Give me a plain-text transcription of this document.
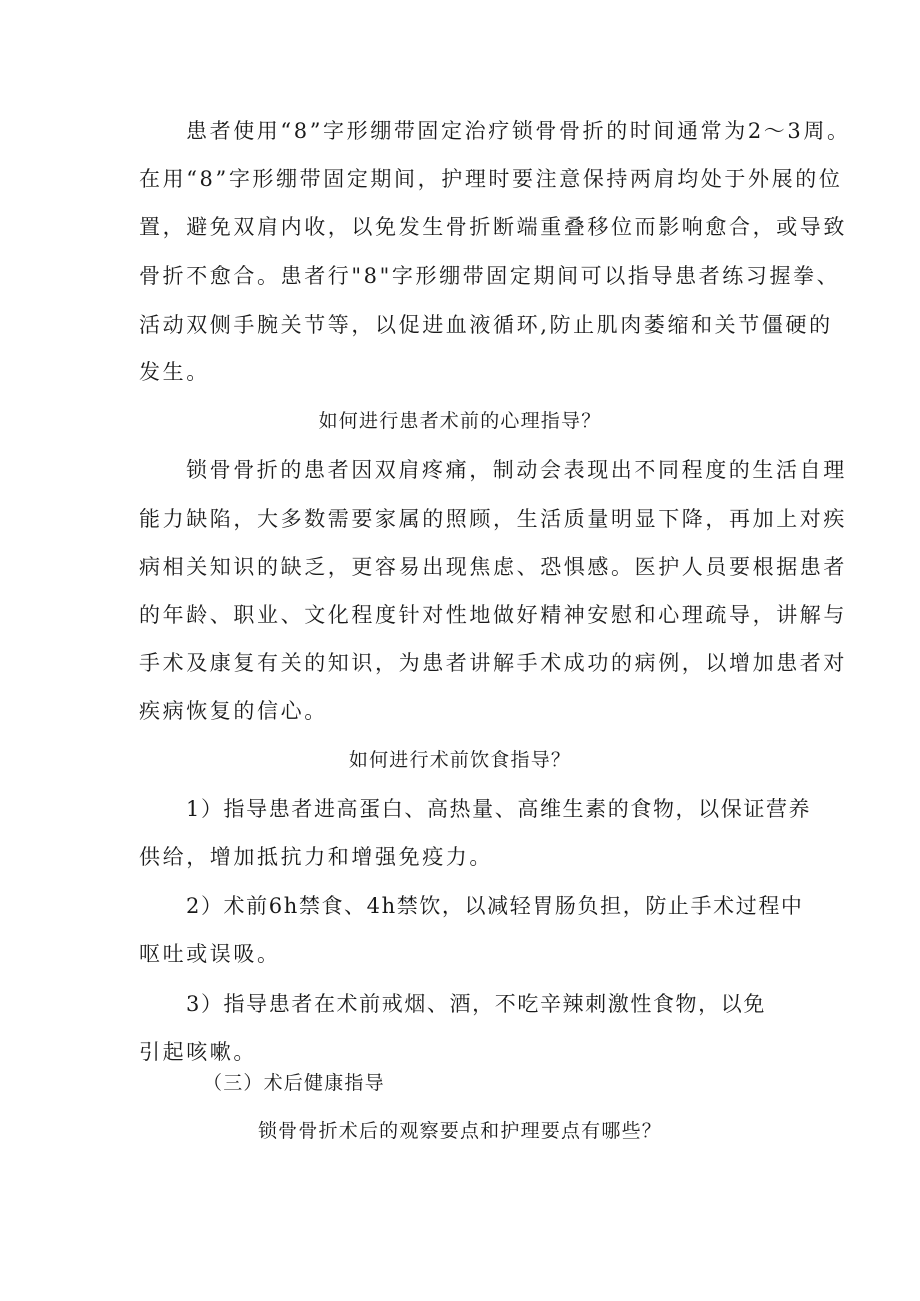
患者使用“8”字形绷带固定治疗锁骨骨折的时间通常为2～3周。
在用“8”字形绷带固定期间，护理时要注意保持两肩均处于外展的位
置，避免双肩内收，以免发生骨折断端重叠移位而影响愈合，或导致
骨折不愈合。患者行"8"字形绷带固定期间可以指导患者练习握拳、
活动双侧手腕关节等，以促进血液循环,防止肌肉萎缩和关节僵硬的
发生。
如何进行患者术前的心理指导？
锁骨骨折的患者因双肩疼痛，制动会表现出不同程度的生活自理
能力缺陷，大多数需要家属的照顾，生活质量明显下降，再加上对疾
病相关知识的缺乏，更容易出现焦虑、恐惧感。医护人员要根据患者
的年龄、职业、文化程度针对性地做好精神安慰和心理疏导，讲解与
手术及康复有关的知识，为患者讲解手术成功的病例，以增加患者对
疾病恢复的信心。
如何进行术前饮食指导？
1）指导患者进高蛋白、高热量、高维生素的食物，以保证营养
供给，增加抵抗力和增强免疫力。
2）术前6h禁食、4h禁饮，以减轻胃肠负担，防止手术过程中
呕吐或误吸。
3）指导患者在术前戒烟、酒，不吃辛辣刺激性食物，以免
引起咳嗽。
（三）术后健康指导
锁骨骨折术后的观察要点和护理要点有哪些？
